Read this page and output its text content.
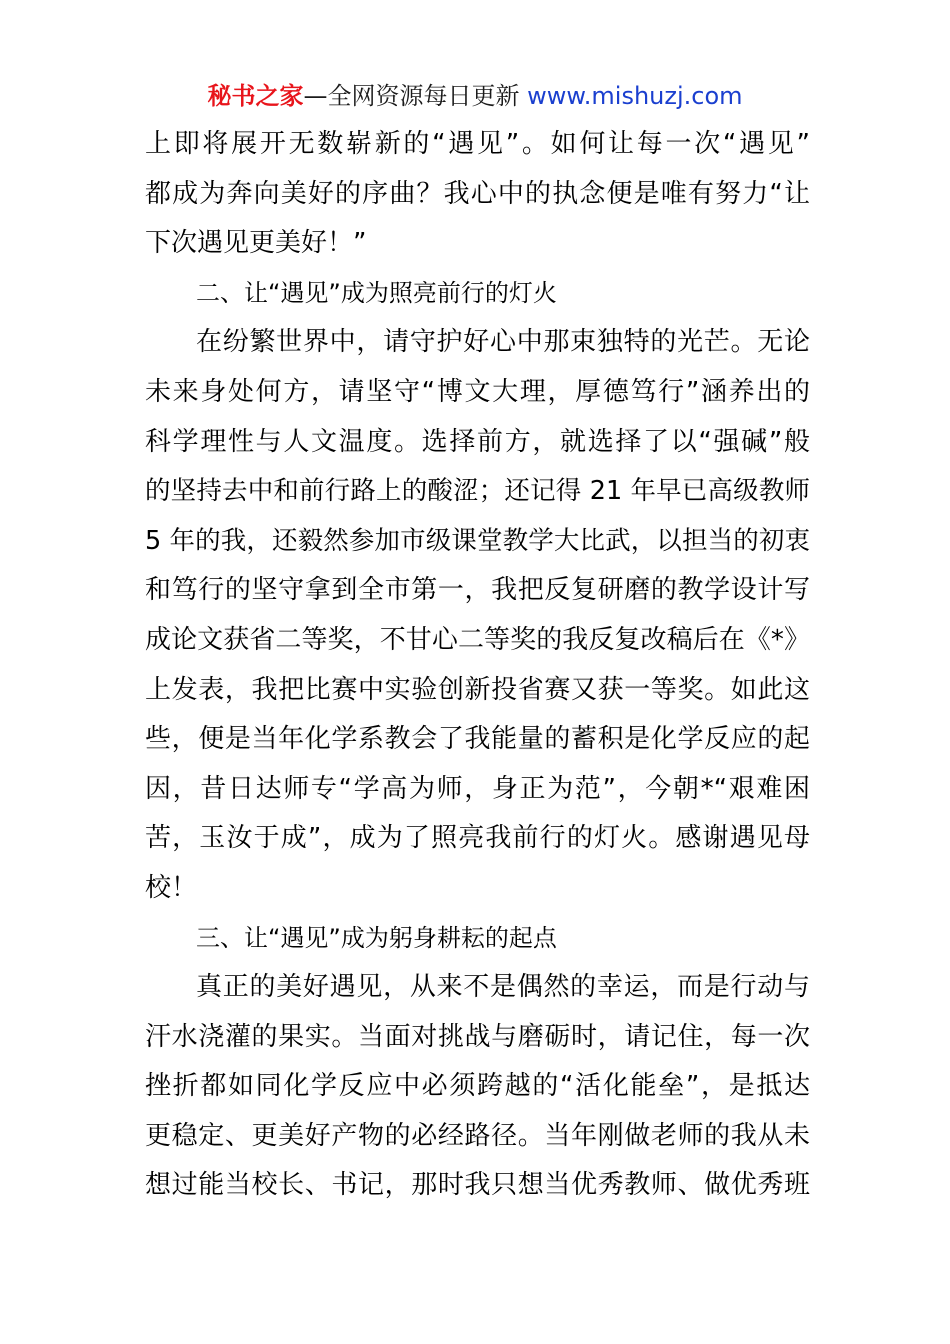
秘书之家—全网资源每日更新 www.mishuzj.com
上即将展开无数崭新的“遇见”。如何让每一次“遇见”
都成为奔向美好的序曲？我心中的执念便是唯有努力“让
下次遇见更美好！”
二、让“遇见”成为照亮前行的灯火
在纷繁世界中，请守护好心中那束独特的光芒。无论
未来身处何方，请坚守“博文大理，厚德笃行”涵养出的
科学理性与人文温度。选择前方，就选择了以“强碱”般
的坚持去中和前行路上的酸涩；还记得 21 年早已高级教师
5 年的我，还毅然参加市级课堂教学大比武，以担当的初衷
和笃行的坚守拿到全市第一，我把反复研磨的教学设计写
成论文获省二等奖，不甘心二等奖的我反复改稿后在《*》
上发表，我把比赛中实验创新投省赛又获一等奖。如此这
些，便是当年化学系教会了我能量的蓄积是化学反应的起
因，昔日达师专“学高为师，身正为范”，今朝*“艰难困
苦，玉汝于成”，成为了照亮我前行的灯火。感谢遇见母
校！
三、让“遇见”成为躬身耕耘的起点
真正的美好遇见，从来不是偶然的幸运，而是行动与
汗水浇灌的果实。当面对挑战与磨砺时，请记住，每一次
挫折都如同化学反应中必须跨越的“活化能垒”，是抵达
更稳定、更美好产物的必经路径。当年刚做老师的我从未
想过能当校长、书记，那时我只想当优秀教师、做优秀班
